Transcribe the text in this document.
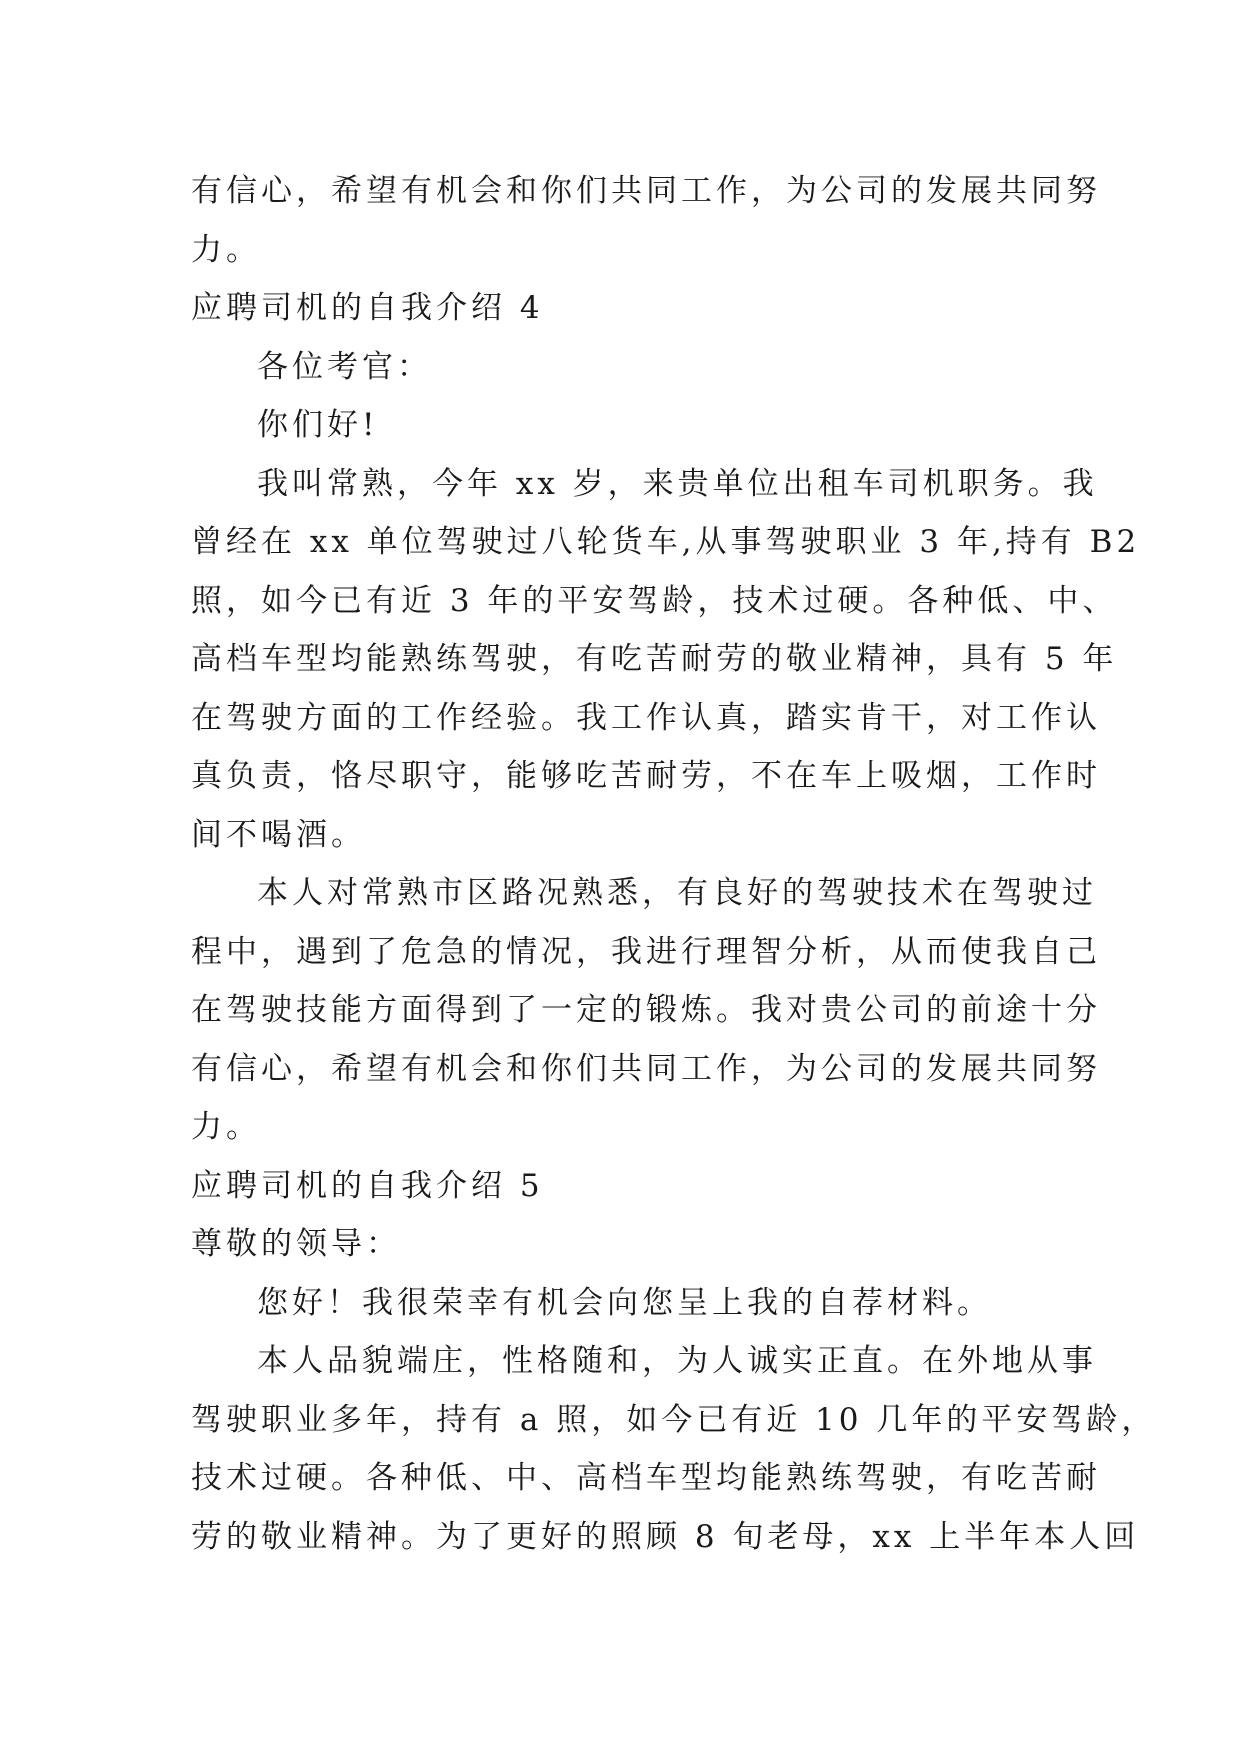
有信心，希望有机会和你们共同工作，为公司的发展共同努
力。
应聘司机的自我介绍 4
各位考官：
你们好!
我叫常熟，今年 xx 岁，来贵单位出租车司机职务。我
曾经在 xx 单位驾驶过八轮货车,从事驾驶职业 3 年,持有 B2
照，如今已有近 3 年的平安驾龄，技术过硬。各种低、中、
高档车型均能熟练驾驶，有吃苦耐劳的敬业精神，具有 5 年
在驾驶方面的工作经验。我工作认真，踏实肯干，对工作认
真负责，恪尽职守，能够吃苦耐劳，不在车上吸烟，工作时
间不喝酒。
本人对常熟市区路况熟悉，有良好的驾驶技术在驾驶过
程中，遇到了危急的情况，我进行理智分析，从而使我自己
在驾驶技能方面得到了一定的锻炼。我对贵公司的前途十分
有信心，希望有机会和你们共同工作，为公司的发展共同努
力。
应聘司机的自我介绍 5
尊敬的领导：
您好！我很荣幸有机会向您呈上我的自荐材料。
本人品貌端庄，性格随和，为人诚实正直。在外地从事
驾驶职业多年，持有 a 照，如今已有近 10 几年的平安驾龄，
技术过硬。各种低、中、高档车型均能熟练驾驶，有吃苦耐
劳的敬业精神。为了更好的照顾 8 旬老母，xx 上半年本人回
